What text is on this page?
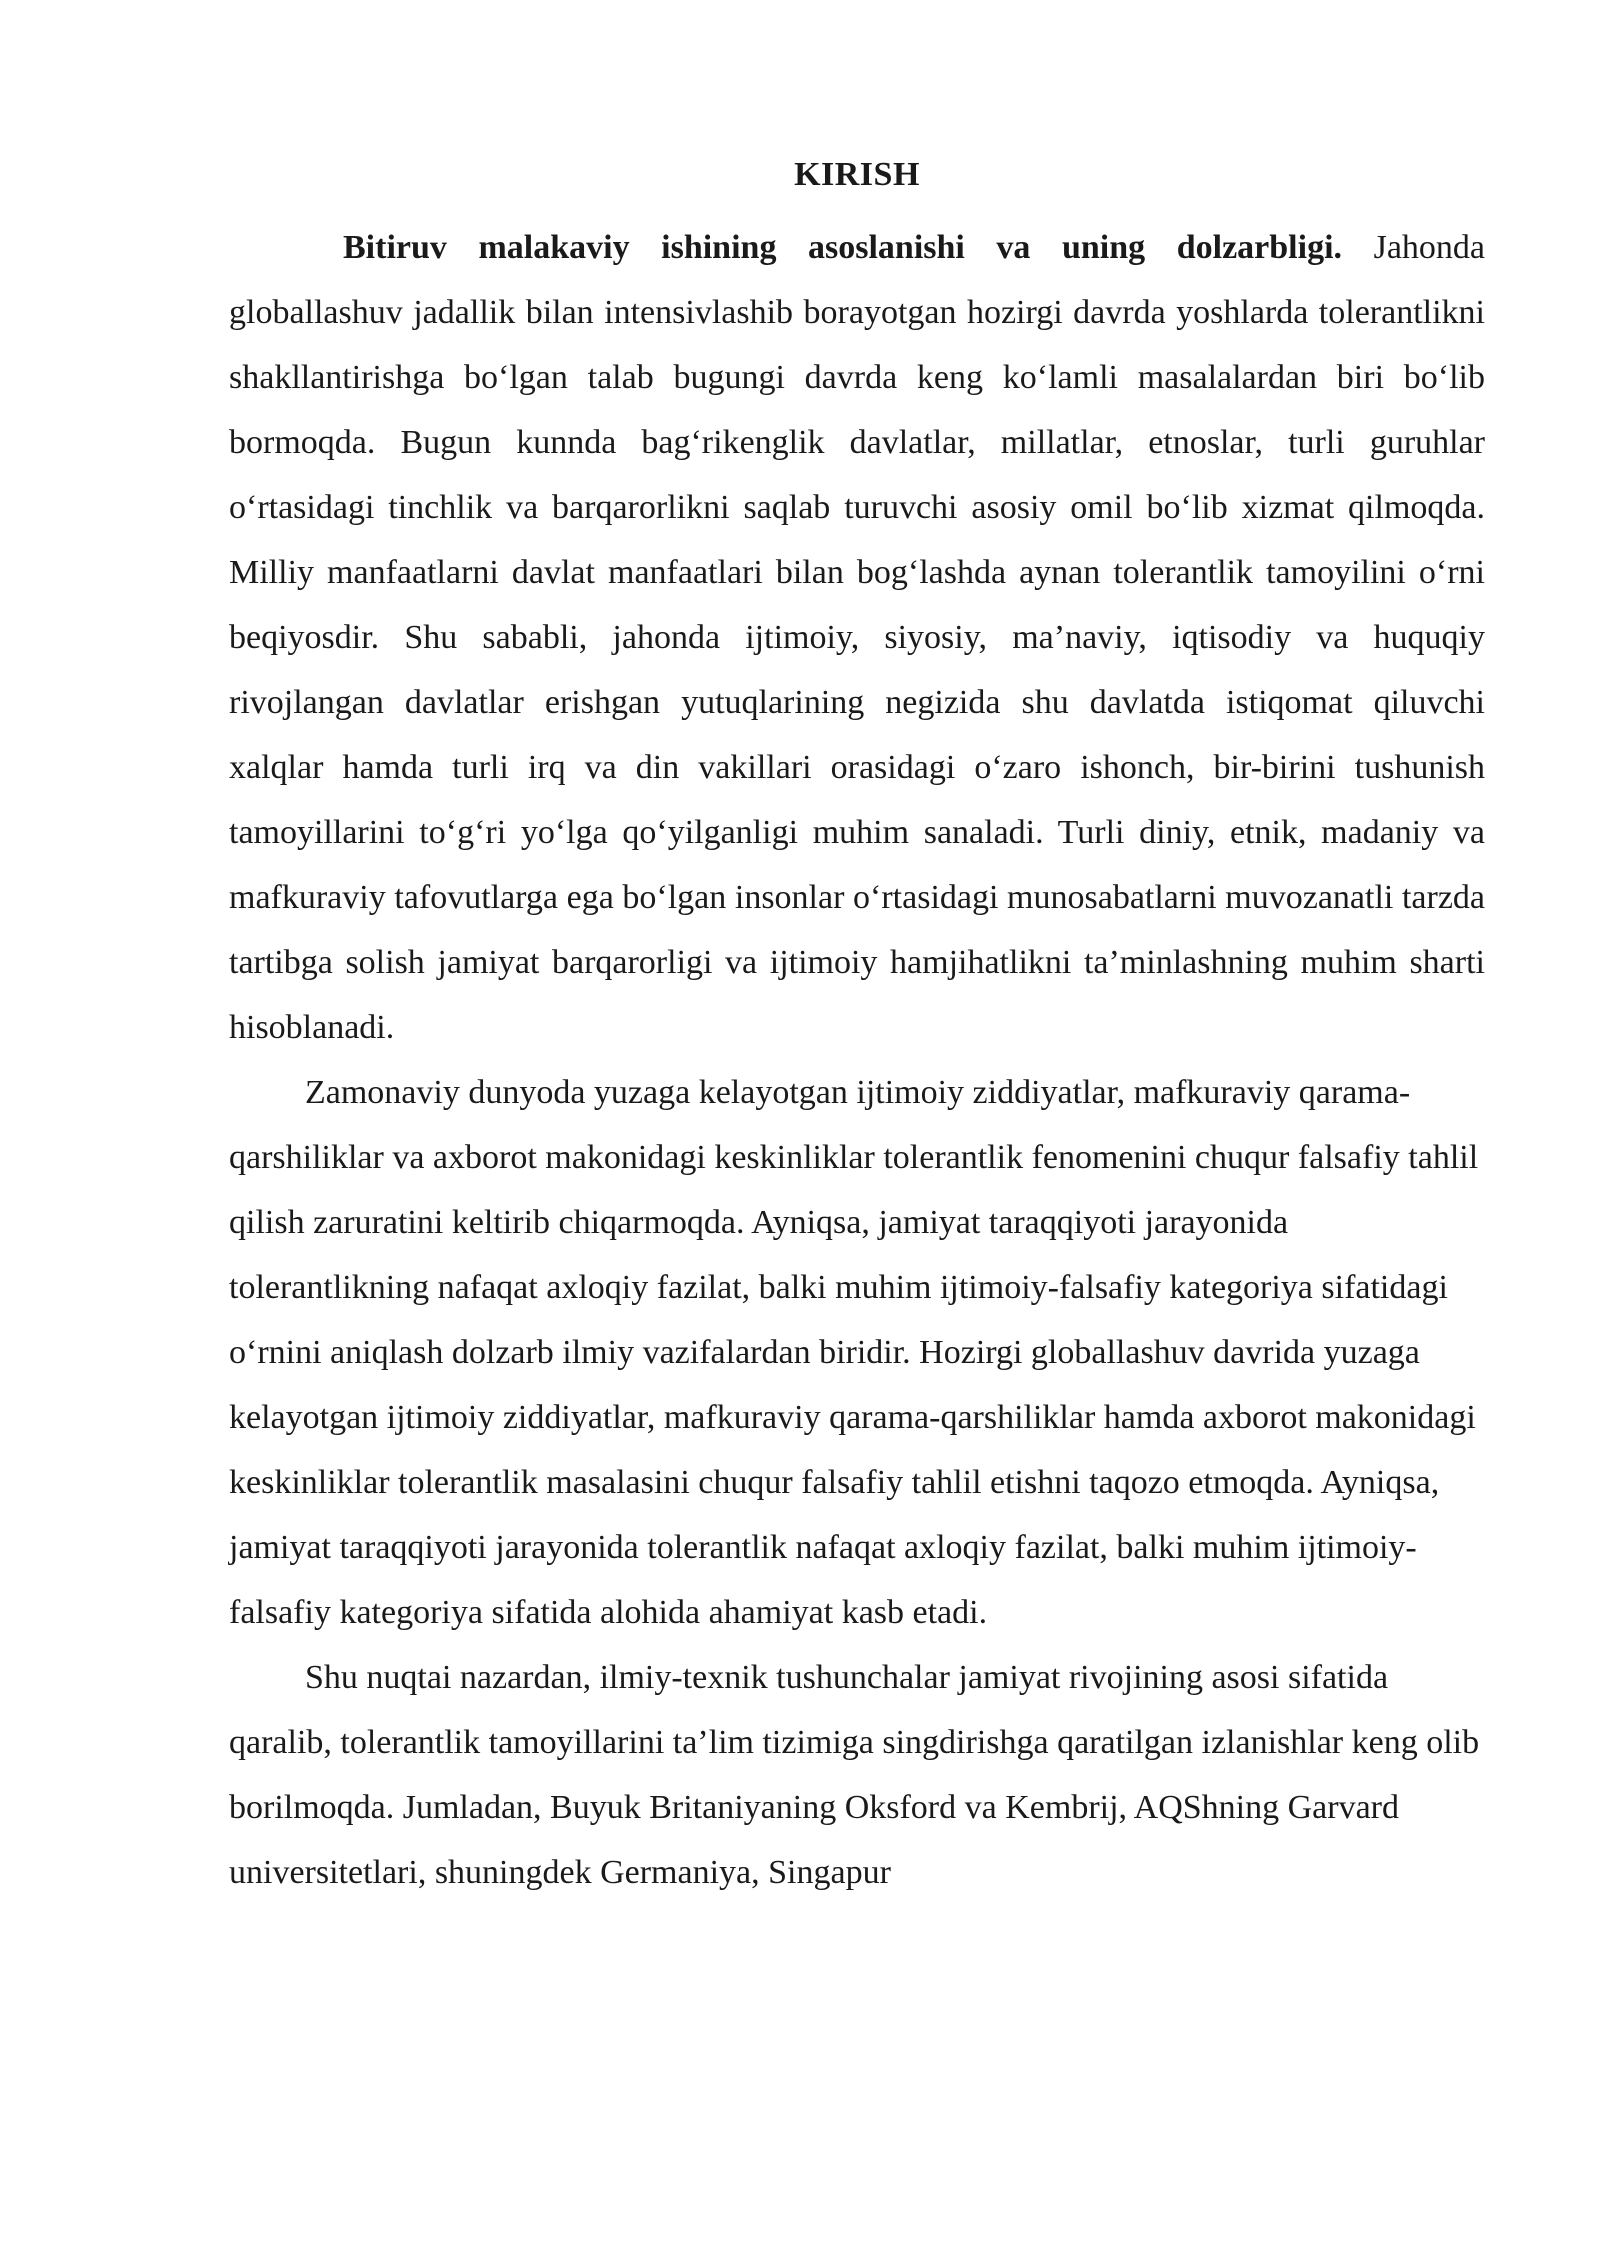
KIRISH

Bitiruv malakaviy ishining asoslanishi va uning dolzarbligi. Jahonda globallashuv jadallik bilan intensivlashib borayotgan hozirgi davrda yoshlarda tolerantlikni shakllantirishga bo‘lgan talab bugungi davrda keng ko‘lamli masalalardan biri bo‘lib bormoqda. Bugun kunnda bag‘rikenglik davlatlar, millatlar, etnoslar, turli guruhlar o‘rtasidagi tinchlik va barqarorlikni saqlab turuvchi asosiy omil bo‘lib xizmat qilmoqda. Milliy manfaatlarni davlat manfaatlari bilan bog‘lashda aynan tolerantlik tamoyilini o‘rni beqiyosdir. Shu sababli, jahonda ijtimoiy, siyosiy, ma’naviy, iqtisodiy va huquqiy rivojlangan davlatlar erishgan yutuqlarining negizida shu davlatda istiqomat qiluvchi xalqlar hamda turli irq va din vakillari orasidagi o‘zaro ishonch, bir-birini tushunish tamoyillarini to‘g‘ri yo‘lga qo‘yilganligi muhim sanaladi. Turli diniy, etnik, madaniy va mafkuraviy tafovutlarga ega bo‘lgan insonlar o‘rtasidagi munosabatlarni muvozanatli tarzda tartibga solish jamiyat barqarorligi va ijtimoiy hamjihatlikni ta’minlashning muhim sharti hisoblanadi.

Zamonaviy dunyoda yuzaga kelayotgan ijtimoiy ziddiyatlar, mafkuraviy qarama-qarshiliklar va axborot makonidagi keskinliklar tolerantlik fenomenini chuqur falsafiy tahlil qilish zaruratini keltirib chiqarmoqda. Ayniqsa, jamiyat taraqqiyoti jarayonida tolerantlikning nafaqat axloqiy fazilat, balki muhim ijtimoiy-falsafiy kategoriya sifatidagi o‘rnini aniqlash dolzarb ilmiy vazifalardan biridir. Hozirgi globallashuv davrida yuzaga kelayotgan ijtimoiy ziddiyatlar, mafkuraviy qarama-qarshiliklar hamda axborot makonidagi keskinliklar tolerantlik masalasini chuqur falsafiy tahlil etishni taqozo etmoqda. Ayniqsa, jamiyat taraqqiyoti jarayonida tolerantlik nafaqat axloqiy fazilat, balki muhim ijtimoiy-falsafiy kategoriya sifatida alohida ahamiyat kasb etadi.

Shu nuqtai nazardan, ilmiy-texnik tushunchalar jamiyat rivojining asosi sifatida qaralib, tolerantlik tamoyillarini ta’lim tizimiga singdirishga qaratilgan izlanishlar keng olib borilmoqda. Jumladan, Buyuk Britaniyaning Oksford va Kembrij, AQShning Garvard universitetlari, shuningdek Germaniya, Singapur
